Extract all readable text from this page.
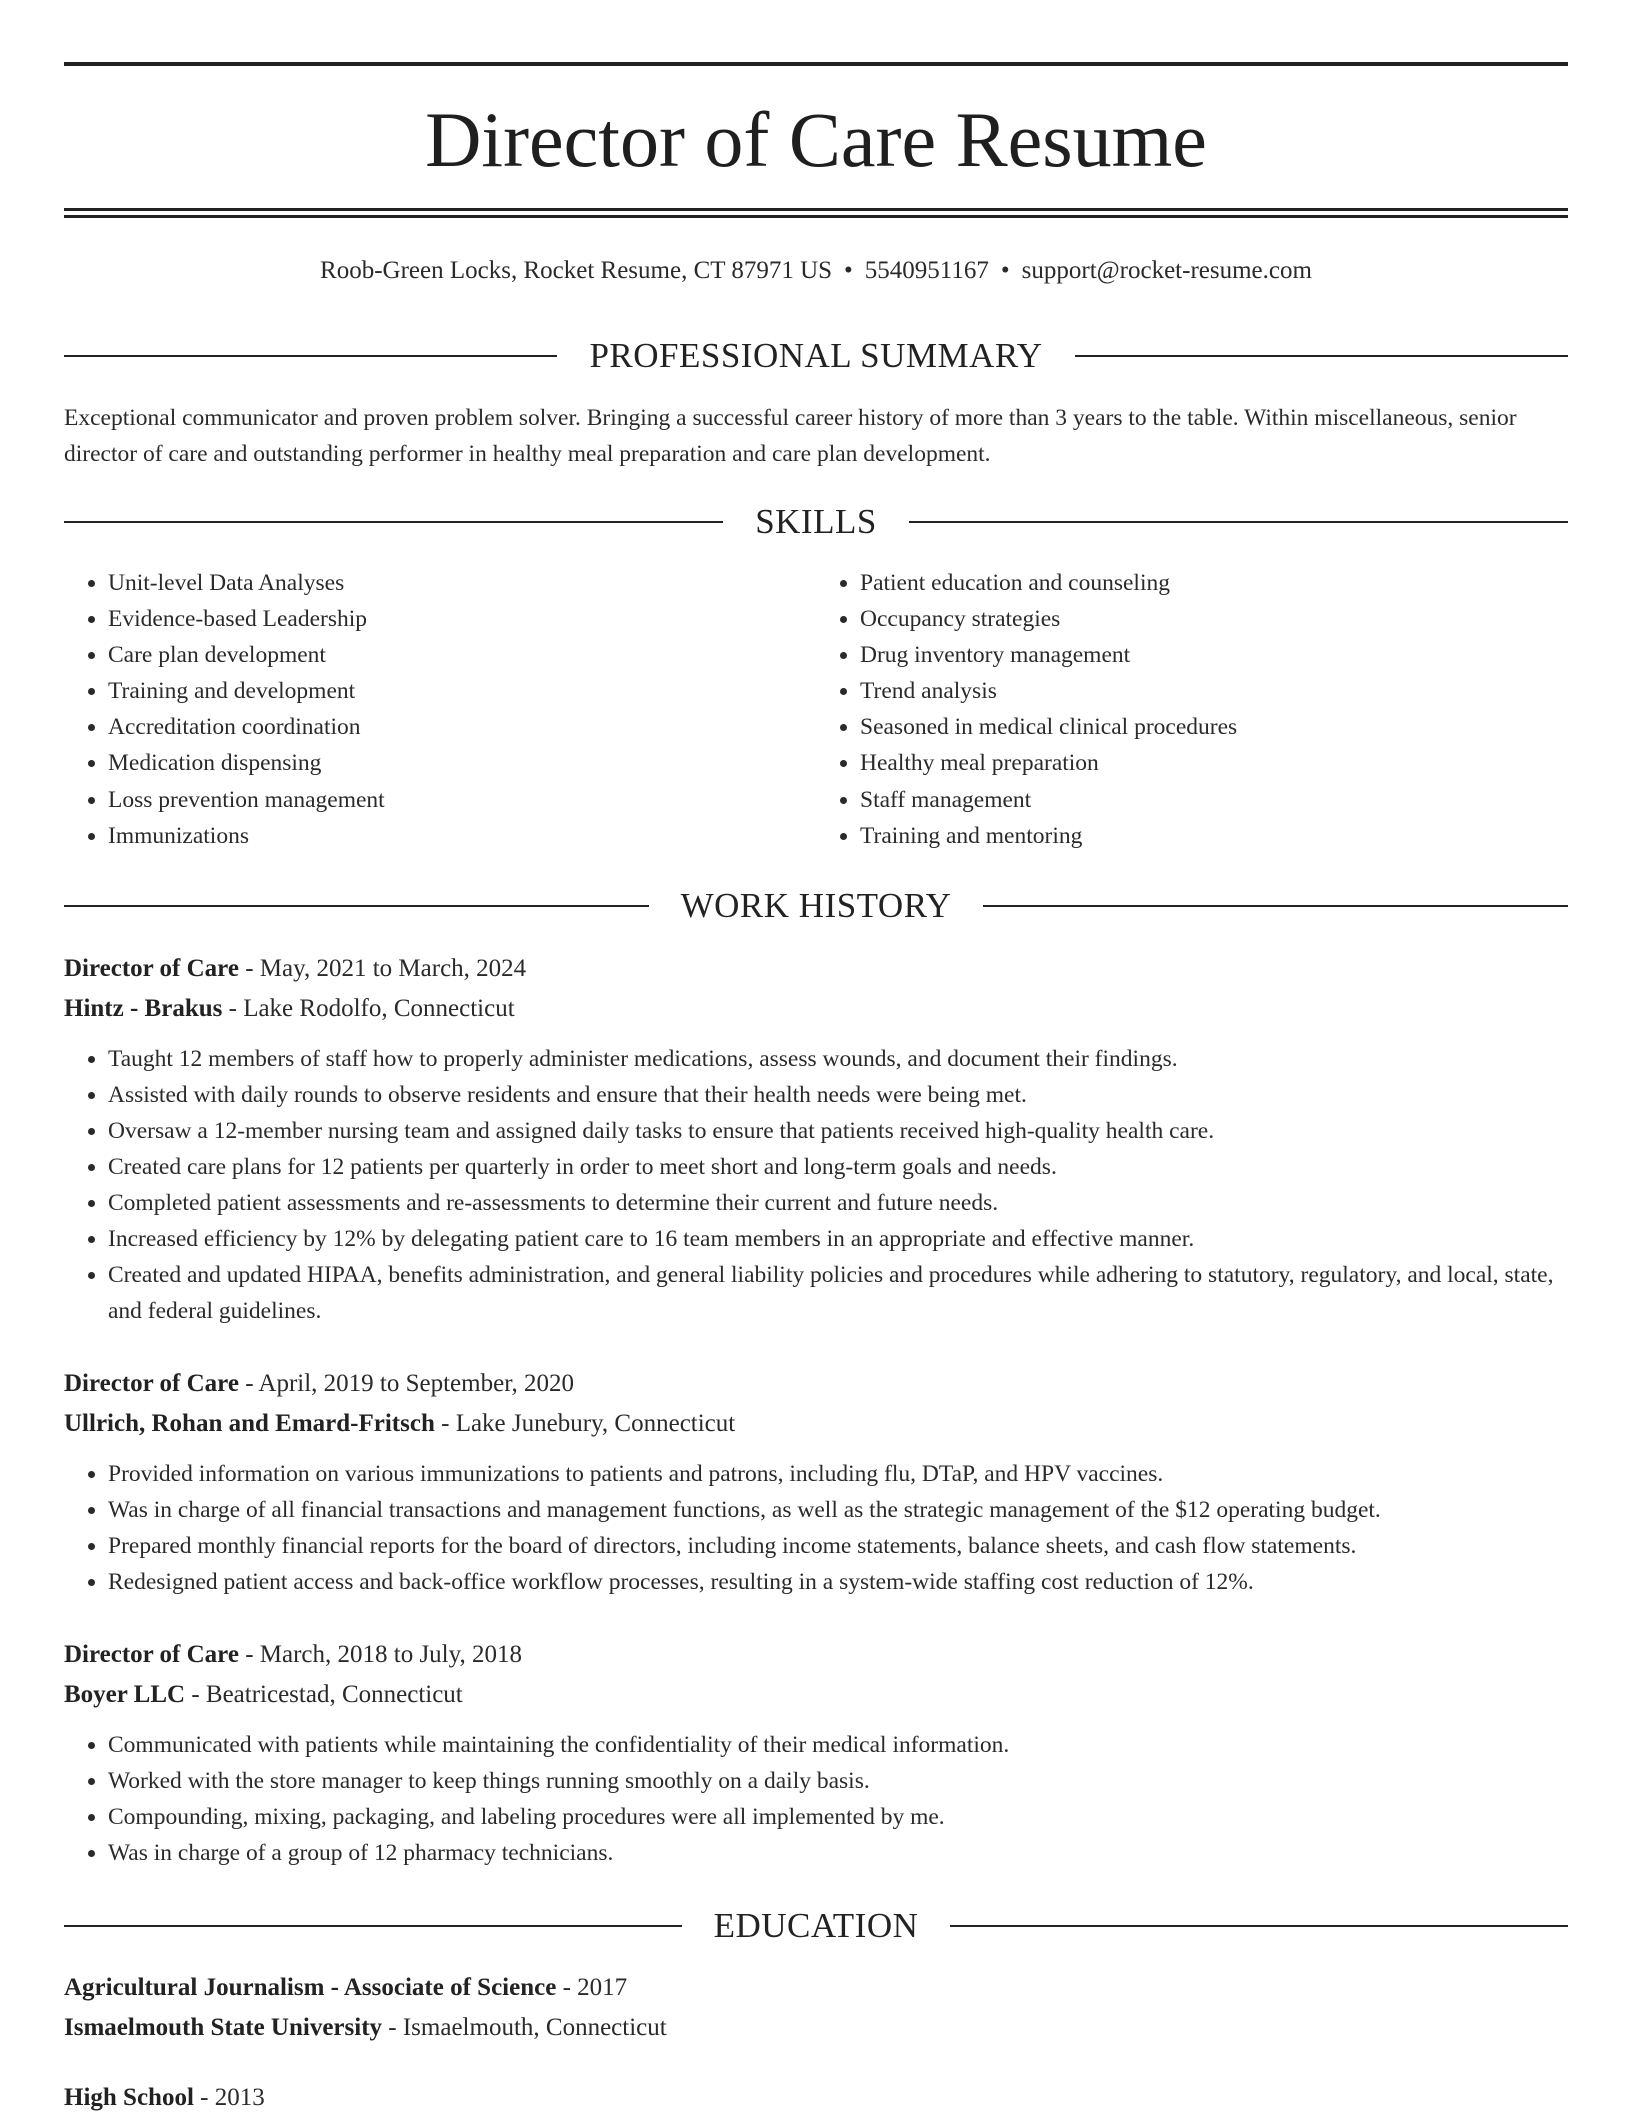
Director of Care Resume
Roob-Green Locks, Rocket Resume, CT 87971 US • 5540951167 • support@rocket-resume.com
PROFESSIONAL SUMMARY

Exceptional communicator and proven problem solver. Bringing a successful career history of more than 3 years to the table. Within miscellaneous, senior director of care and outstanding performer in healthy meal preparation and care plan development.

SKILLS
• Unit-level Data Analyses
• Evidence-based Leadership
• Care plan development
• Training and development
• Accreditation coordination
• Medication dispensing
• Loss prevention management
• Immunizations
• Patient education and counseling
• Occupancy strategies
• Drug inventory management
• Trend analysis
• Seasoned in medical clinical procedures
• Healthy meal preparation
• Staff management
• Training and mentoring
WORK HISTORY
Director of Care - May, 2021 to March, 2024
Hintz - Brakus - Lake Rodolfo, Connecticut
• Taught 12 members of staff how to properly administer medications, assess wounds, and document their findings.
• Assisted with daily rounds to observe residents and ensure that their health needs were being met.
• Oversaw a 12-member nursing team and assigned daily tasks to ensure that patients received high-quality health care.
• Created care plans for 12 patients per quarterly in order to meet short and long-term goals and needs.
• Completed patient assessments and re-assessments to determine their current and future needs.
• Increased efficiency by 12% by delegating patient care to 16 team members in an appropriate and effective manner.
• Created and updated HIPAA, benefits administration, and general liability policies and procedures while adhering to statutory, regulatory, and local, state, and federal guidelines.
Director of Care - April, 2019 to September, 2020
Ullrich, Rohan and Emard-Fritsch - Lake Junebury, Connecticut
• Provided information on various immunizations to patients and patrons, including flu, DTaP, and HPV vaccines.
• Was in charge of all financial transactions and management functions, as well as the strategic management of the $12 operating budget.
• Prepared monthly financial reports for the board of directors, including income statements, balance sheets, and cash flow statements.
• Redesigned patient access and back-office workflow processes, resulting in a system-wide staffing cost reduction of 12%.
Director of Care - March, 2018 to July, 2018
Boyer LLC - Beatricestad, Connecticut
• Communicated with patients while maintaining the confidentiality of their medical information.
• Worked with the store manager to keep things running smoothly on a daily basis.
• Compounding, mixing, packaging, and labeling procedures were all implemented by me.
• Was in charge of a group of 12 pharmacy technicians.
EDUCATION
Agricultural Journalism - Associate of Science - 2017
Ismaelmouth State University - Ismaelmouth, Connecticut
High School - 2013
